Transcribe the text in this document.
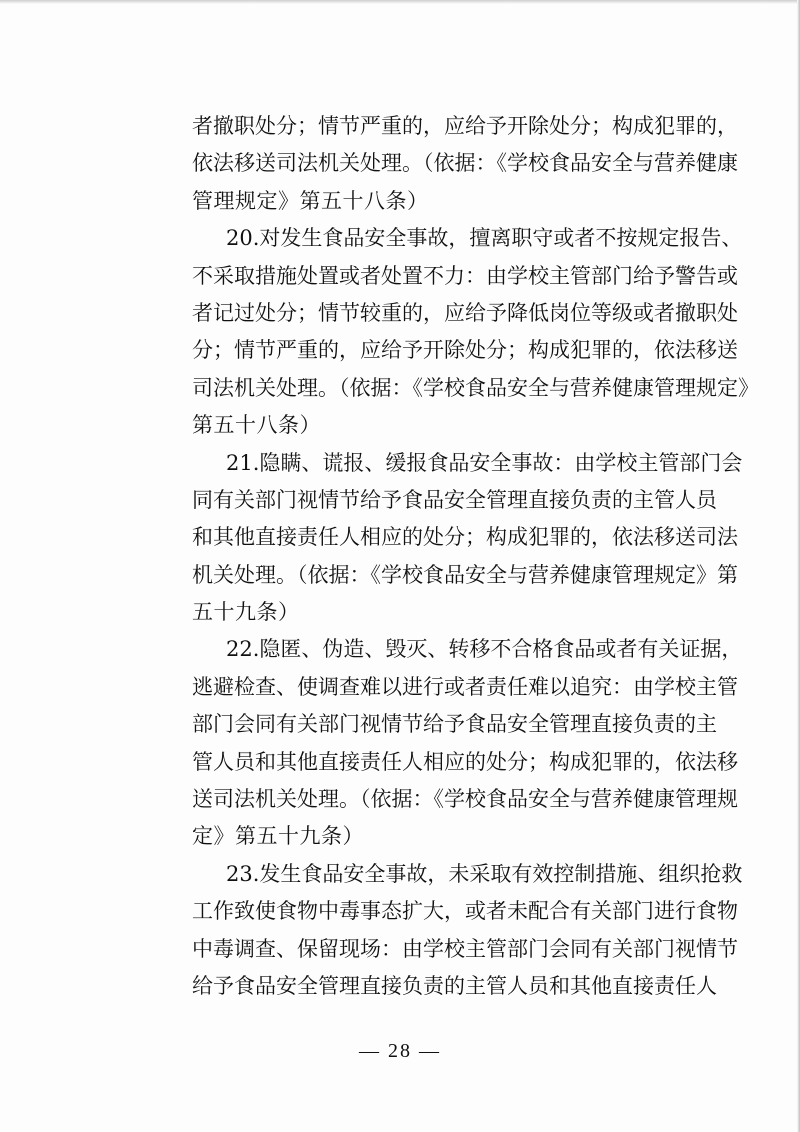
者撤职处分；情节严重的，应给予开除处分；构成犯罪的，
依法移送司法机关处理。（依据：《学校食品安全与营养健康
管理规定》第五十八条）
20.对发生食品安全事故，擅离职守或者不按规定报告、
不采取措施处置或者处置不力：由学校主管部门给予警告或
者记过处分；情节较重的，应给予降低岗位等级或者撤职处
分；情节严重的，应给予开除处分；构成犯罪的，依法移送
司法机关处理。（依据：《学校食品安全与营养健康管理规定》
第五十八条）
21.隐瞒、谎报、缓报食品安全事故：由学校主管部门会
同有关部门视情节给予食品安全管理直接负责的主管人员
和其他直接责任人相应的处分；构成犯罪的，依法移送司法
机关处理。（依据：《学校食品安全与营养健康管理规定》第
五十九条）
22.隐匿、伪造、毁灭、转移不合格食品或者有关证据，
逃避检查、使调查难以进行或者责任难以追究：由学校主管
部门会同有关部门视情节给予食品安全管理直接负责的主
管人员和其他直接责任人相应的处分；构成犯罪的，依法移
送司法机关处理。（依据：《学校食品安全与营养健康管理规
定》第五十九条）
23.发生食品安全事故，未采取有效控制措施、组织抢救
工作致使食物中毒事态扩大，或者未配合有关部门进行食物
中毒调查、保留现场：由学校主管部门会同有关部门视情节
给予食品安全管理直接负责的主管人员和其他直接责任人
— 28 —
